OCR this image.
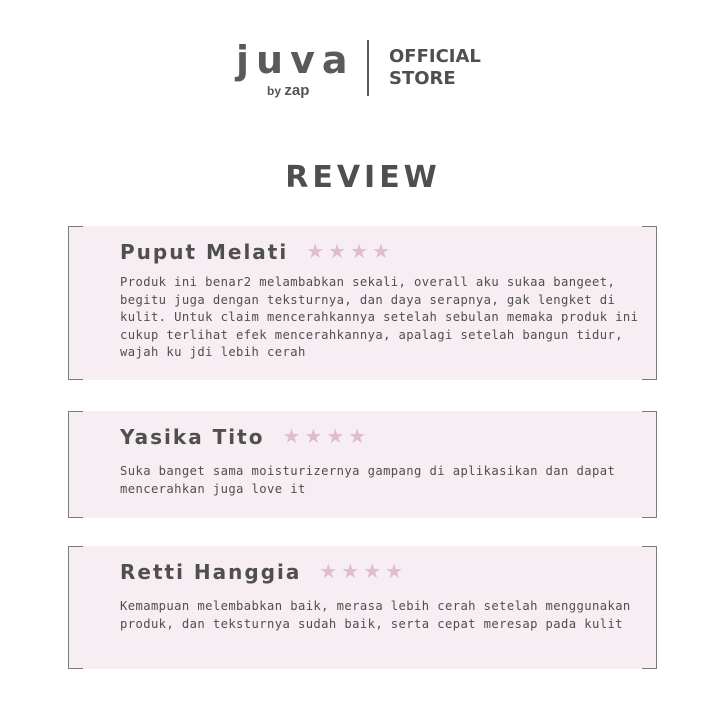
juva
by zap
OFFICIAL
STORE
REVIEW
Puput Melati ★★★★
Produk ini benar2 melambabkan sekali, overall aku sukaa bangeet, begitu juga dengan teksturnya, dan daya serapnya, gak lengket di kulit. Untuk claim mencerahkannya setelah sebulan memaka produk ini cukup terlihat efek mencerahkannya, apalagi setelah bangun tidur, wajah ku jdi lebih cerah
Yasika Tito ★★★★
Suka banget sama moisturizernya gampang di aplikasikan dan dapat mencerahkan juga love it
Retti Hanggia ★★★★
Kemampuan melembabkan baik, merasa lebih cerah setelah menggunakan produk, dan teksturnya sudah baik, serta cepat meresap pada kulit
